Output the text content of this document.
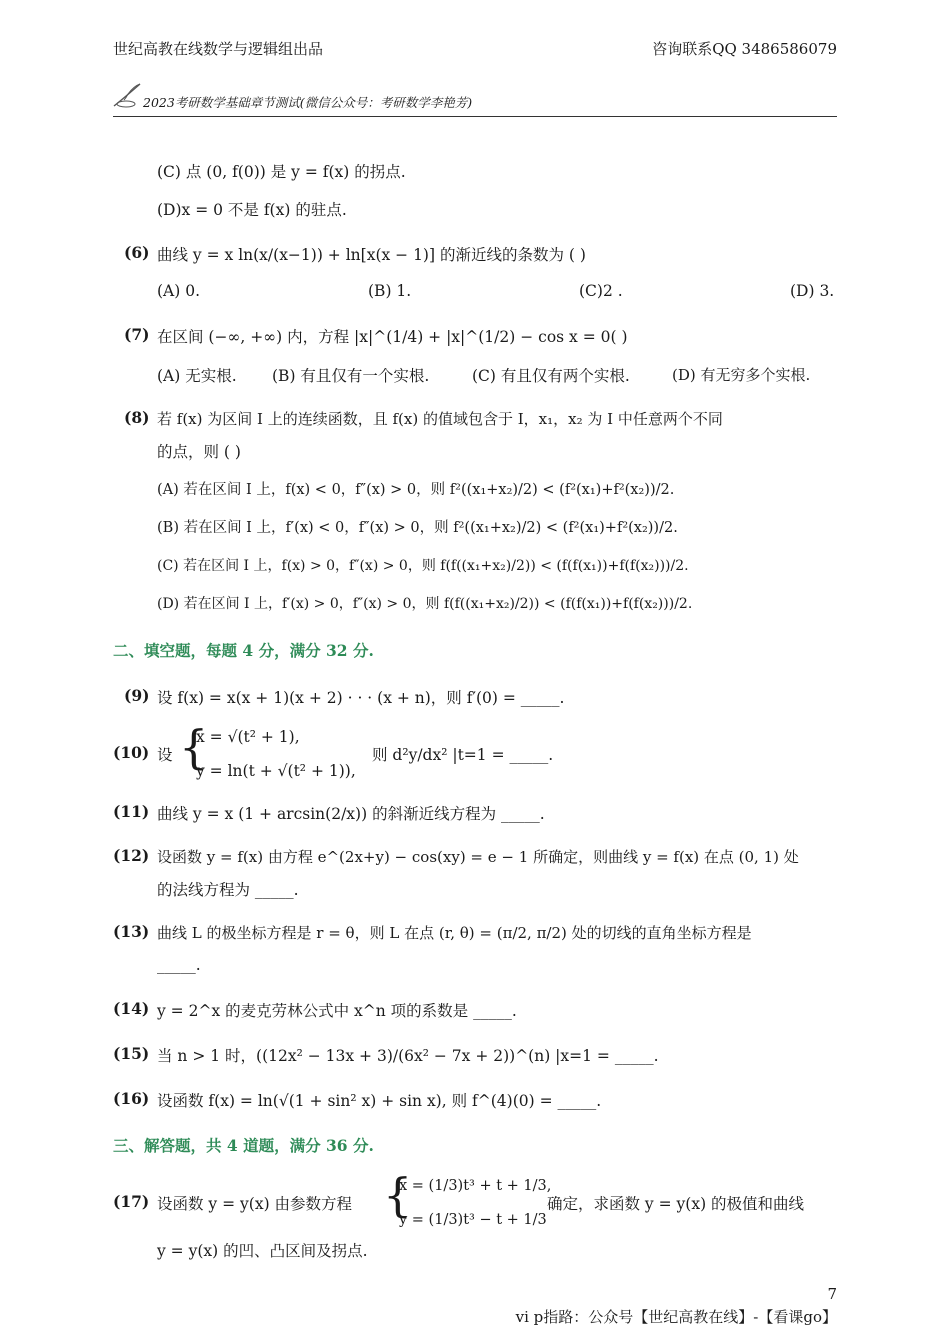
世纪高教在线数学与逻辑组出品	咨询联系QQ 3486586079
2023考研数学基础章节测试(微信公众号：考研数学李艳芳)
(C) 点 (0, f(0)) 是 y = f(x) 的拐点.
(D)x = 0 不是 f(x) 的驻点.
(6) 曲线 y = x ln(x/(x−1)) + ln[x(x − 1)] 的渐近线的条数为 ( )
(A) 0.	(B) 1.	(C)2 .	(D) 3.
(7) 在区间 (−∞, +∞) 内，方程 |x|^(1/4) + |x|^(1/2) − cos x = 0( )
(A) 无实根. (B) 有且仅有一个实根.	(C) 有且仅有两个实根.	(D) 有无穷多个实根.
(8) 若 f(x) 为区间 I 上的连续函数，且 f(x) 的值域包含于 I，x₁，x₂ 为 I 中任意两个不同
的点，则 ( )
(A) 若在区间 I 上，f(x) < 0，f″(x) > 0，则 f²((x₁+x₂)/2) < (f²(x₁)+f²(x₂))/2.
(B) 若在区间 I 上，f′(x) < 0，f″(x) > 0，则 f²((x₁+x₂)/2) < (f²(x₁)+f²(x₂))/2.
(C) 若在区间 I 上，f(x) > 0，f″(x) > 0，则 f(f((x₁+x₂)/2)) < (f(f(x₁))+f(f(x₂)))/2.
(D) 若在区间 I 上，f′(x) > 0，f″(x) > 0，则 f(f((x₁+x₂)/2)) < (f(f(x₁))+f(f(x₂)))/2.
二、填空题，每题 4 分，满分 32 分.
(9) 设 f(x) = x(x + 1)(x + 2) · · · (x + n)，则 f′(0) = _____.
(10) 设 {
x = √(t² + 1),
y = ln(t + √(t² + 1)),
则 d²y/dx² |t=1 = _____.
(11) 曲线 y = x (1 + arcsin(2/x)) 的斜渐近线方程为 _____.
(12) 设函数 y = f(x) 由方程 e^(2x+y) − cos(xy) = e − 1 所确定，则曲线 y = f(x) 在点 (0, 1) 处
的法线方程为 _____.
(13) 曲线 L 的极坐标方程是 r = θ，则 L 在点 (r, θ) = (π/2, π/2) 处的切线的直角坐标方程是
_____.
(14) y = 2^x 的麦克劳林公式中 x^n 项的系数是 _____.
(15) 当 n > 1 时，((12x² − 13x + 3)/(6x² − 7x + 2))^(n) |x=1 = _____.
(16) 设函数 f(x) = ln(√(1 + sin² x) + sin x), 则 f^(4)(0) = _____.
三、解答题，共 4 道题，满分 36 分.
(17) 设函数 y = y(x) 由参数方程 {
x = (1/3)t³ + t + 1/3,
y = (1/3)t³ − t + 1/3
确定，求函数 y = y(x) 的极值和曲线
y = y(x) 的凹、凸区间及拐点.
7
vi p指路：公众号【世纪高教在线】-【看课go】
